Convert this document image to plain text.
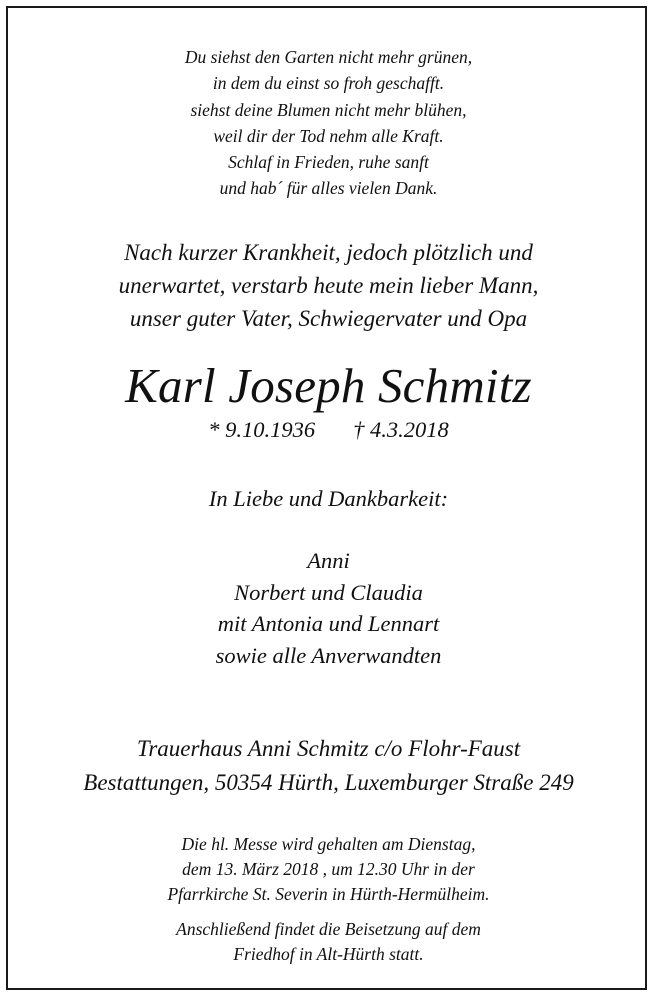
Du siehst den Garten nicht mehr grünen,
in dem du einst so froh geschafft.
siehst deine Blumen nicht mehr blühen,
weil dir der Tod nehm alle Kraft.
Schlaf in Frieden, ruhe sanft
und hab´ für alles vielen Dank.
Nach kurzer Krankheit, jedoch plötzlich und
unerwartet, verstarb heute mein lieber Mann,
unser guter Vater, Schwiegervater und Opa
Karl Joseph Schmitz
* 9.10.1936 † 4.3.2018
In Liebe und Dankbarkeit:
Anni
Norbert und Claudia
mit Antonia und Lennart
sowie alle Anverwandten
Trauerhaus Anni Schmitz c/o Flohr-Faust
Bestattungen, 50354 Hürth, Luxemburger Straße 249
Die hl. Messe wird gehalten am Dienstag,
dem 13. März 2018 , um 12.30 Uhr in der
Pfarrkirche St. Severin in Hürth-Hermülheim.
Anschließend findet die Beisetzung auf dem
Friedhof in Alt-Hürth statt.
